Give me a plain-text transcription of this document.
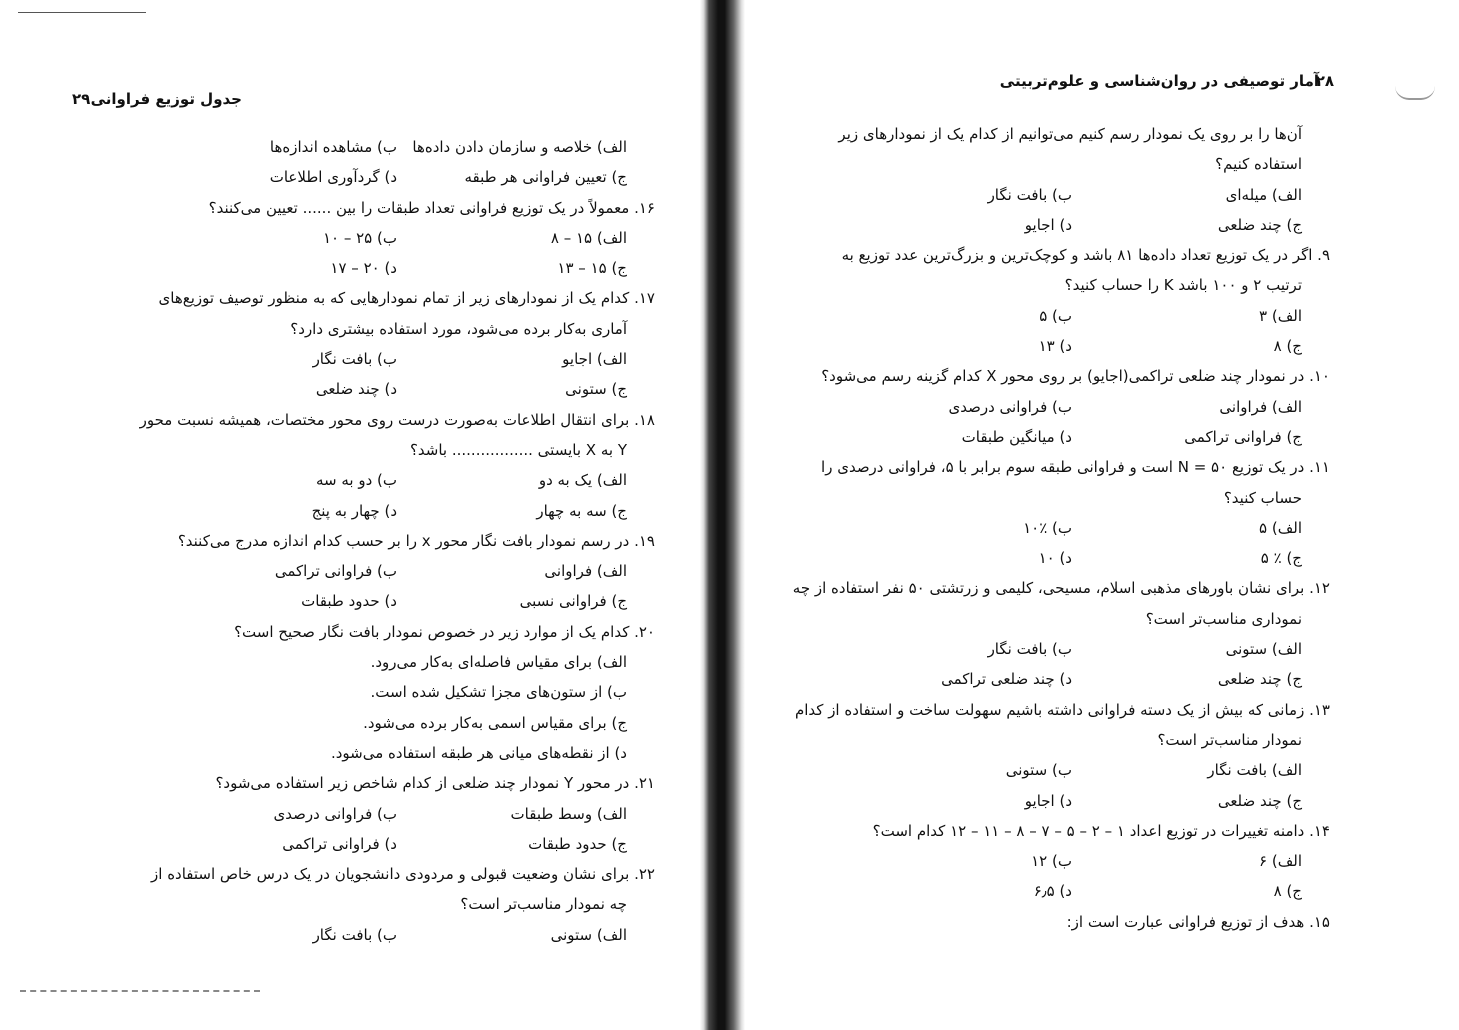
جدول توزیع فراوانی
۲۹
الف) خلاصه و سازمان دادن داده‌ها
ب) مشاهده اندازه‌ها
ج) تعیین فراوانی هر طبقه
د) گردآوری اطلاعات
۱۶. معمولاً در یک توزیع فراوانی تعداد طبقات را بین ...... تعیین می‌کنند؟
الف) ۱۵ – ۸
ب) ۲۵ – ۱۰
ج) ۱۵ – ۱۳
د) ۲۰ – ۱۷
۱۷. کدام یک از نمودارهای زیر از تمام نمودارهایی که به منظور توصیف توزیع‌های
آماری به‌کار برده می‌شود، مورد استفاده بیشتری دارد؟
الف) اجایو
ب) بافت نگار
ج) ستونی
د) چند ضلعی
۱۸. برای انتقال اطلاعات به‌صورت درست روی محور مختصات، همیشه نسبت محور
Y به X بایستی ................. باشد؟
الف) یک به دو
ب) دو به سه
ج) سه به چهار
د) چهار به پنج
۱۹. در رسم نمودار بافت نگار محور x را بر حسب کدام اندازه مدرج می‌کنند؟
الف) فراوانی
ب) فراوانی تراکمی
ج) فراوانی نسبی
د) حدود طبقات
۲۰. کدام یک از موارد زیر در خصوص نمودار بافت نگار صحیح است؟
الف) برای مقیاس فاصله‌ای به‌کار می‌رود.
ب) از ستون‌های مجزا تشکیل شده است.
ج) برای مقیاس اسمی به‌کار برده می‌شود.
د) از نقطه‌های میانی هر طبقه استفاده می‌شود.
۲۱. در محور Y نمودار چند ضلعی از کدام شاخص زیر استفاده می‌شود؟
الف) وسط طبقات
ب) فراوانی درصدی
ج) حدود طبقات
د) فراوانی تراکمی
۲۲. برای نشان وضعیت قبولی و مردودی دانشجویان در یک درس خاص استفاده از
چه نمودار مناسب‌تر است؟
الف) ستونی
ب) بافت نگار
آمار توصیفی در روان‌شناسی و علوم‌تربیتی
۲۸
آن‌ها را بر روی یک نمودار رسم کنیم می‌توانیم از کدام یک از نمودارهای زیر
استفاده کنیم؟
الف) میله‌ای
ب) بافت نگار
ج) چند ضلعی
د) اجایو
۹. اگر در یک توزیع تعداد داده‌ها ۸۱ باشد و کوچک‌ترین و بزرگ‌ترین عدد توزیع به
ترتیب ۲ و ۱۰۰ باشد K را حساب کنید؟
الف) ۳
ب) ۵
ج) ۸
د) ۱۳
۱۰. در نمودار چند ضلعی تراکمی(اجایو) بر روی محور X کدام گزینه رسم می‌شود؟
الف) فراوانی
ب) فراوانی درصدی
ج) فراوانی تراکمی
د) میانگین طبقات
۱۱. در یک توزیع N = ۵۰ است و فراوانی طبقه سوم برابر با ۵، فراوانی درصدی را
حساب کنید؟
الف) ۵
ب) ٪۱۰
ج) ٪ ۵
د) ۱۰
۱۲. برای نشان باورهای مذهبی اسلام، مسیحی، کلیمی و زرتشتی ۵۰ نفر استفاده از چه
نموداری مناسب‌تر است؟
الف) ستونی
ب) بافت نگار
ج) چند ضلعی
د) چند ضلعی تراکمی
۱۳. زمانی که بیش از یک دسته فراوانی داشته باشیم سهولت ساخت و استفاده از کدام
نمودار مناسب‌تر است؟
الف) بافت نگار
ب) ستونی
ج) چند ضلعی
د) اجایو
۱۴. دامنه تغییرات در توزیع اعداد ۱ – ۲ – ۵ – ۷ – ۸ – ۱۱ – ۱۲ کدام است؟
الف) ۶
ب) ۱۲
ج) ۸
د) ۶٫۵
۱۵. هدف از توزیع فراوانی عبارت است از:
